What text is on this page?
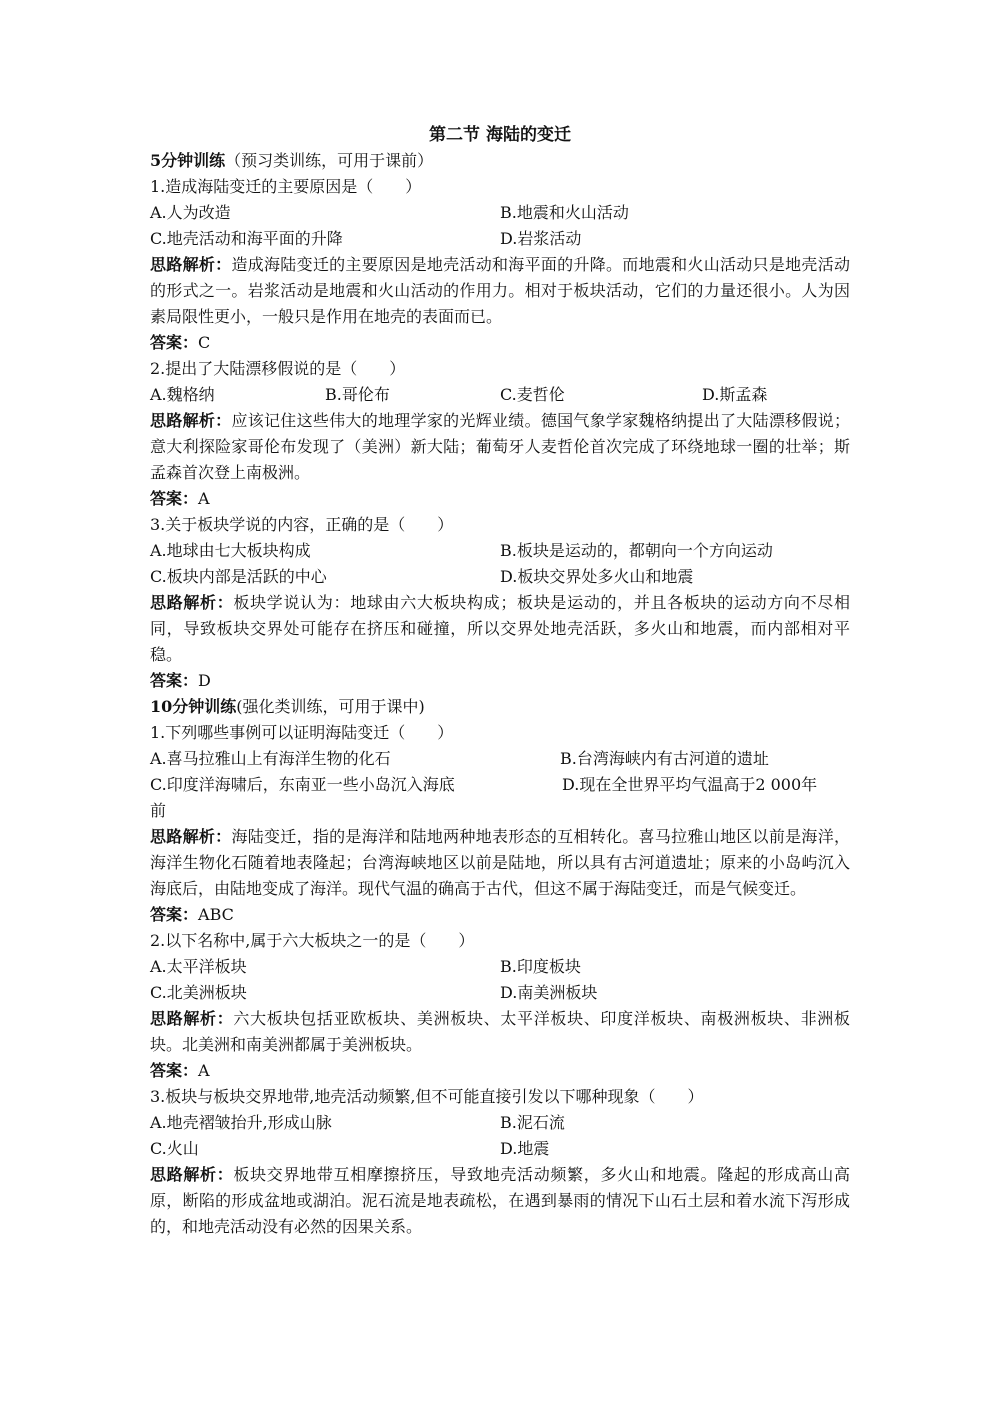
第二节 海陆的变迁
5分钟训练（预习类训练，可用于课前）
1.造成海陆变迁的主要原因是（　　）
A.人为改造	B.地震和火山活动
C.地壳活动和海平面的升降	D.岩浆活动
思路解析：造成海陆变迁的主要原因是地壳活动和海平面的升降。而地震和火山活动只是地壳活动的形式之一。岩浆活动是地震和火山活动的作用力。相对于板块活动，它们的力量还很小。人为因素局限性更小，一般只是作用在地壳的表面而已。
答案：C
2.提出了大陆漂移假说的是（　　）
A.魏格纳	B.哥伦布	C.麦哲伦	D.斯孟森
思路解析：应该记住这些伟大的地理学家的光辉业绩。德国气象学家魏格纳提出了大陆漂移假说；意大利探险家哥伦布发现了（美洲）新大陆；葡萄牙人麦哲伦首次完成了环绕地球一圈的壮举；斯孟森首次登上南极洲。
答案：A
3.关于板块学说的内容，正确的是（　　）
A.地球由七大板块构成	B.板块是运动的，都朝向一个方向运动
C.板块内部是活跃的中心	D.板块交界处多火山和地震
思路解析：板块学说认为：地球由六大板块构成；板块是运动的，并且各板块的运动方向不尽相同，导致板块交界处可能存在挤压和碰撞，所以交界处地壳活跃，多火山和地震，而内部相对平稳。
答案：D
10分钟训练(强化类训练，可用于课中)
1.下列哪些事例可以证明海陆变迁（　　）
A.喜马拉雅山上有海洋生物的化石	B.台湾海峡内有古河道的遗址
C.印度洋海啸后，东南亚一些小岛沉入海底	D.现在全世界平均气温高于2 000年
前
思路解析：海陆变迁，指的是海洋和陆地两种地表形态的互相转化。喜马拉雅山地区以前是海洋，海洋生物化石随着地表隆起；台湾海峡地区以前是陆地，所以具有古河道遗址；原来的小岛屿沉入海底后，由陆地变成了海洋。现代气温的确高于古代，但这不属于海陆变迁，而是气候变迁。
答案：ABC
2.以下名称中,属于六大板块之一的是（　　）
A.太平洋板块	B.印度板块
C.北美洲板块	D.南美洲板块
思路解析：六大板块包括亚欧板块、美洲板块、太平洋板块、印度洋板块、南极洲板块、非洲板块。北美洲和南美洲都属于美洲板块。
答案：A
3.板块与板块交界地带,地壳活动频繁,但不可能直接引发以下哪种现象（　　）
A.地壳褶皱抬升,形成山脉	B.泥石流
C.火山	D.地震
思路解析：板块交界地带互相摩擦挤压，导致地壳活动频繁，多火山和地震。隆起的形成高山高原，断陷的形成盆地或湖泊。泥石流是地表疏松，在遇到暴雨的情况下山石土层和着水流下泻形成的，和地壳活动没有必然的因果关系。
